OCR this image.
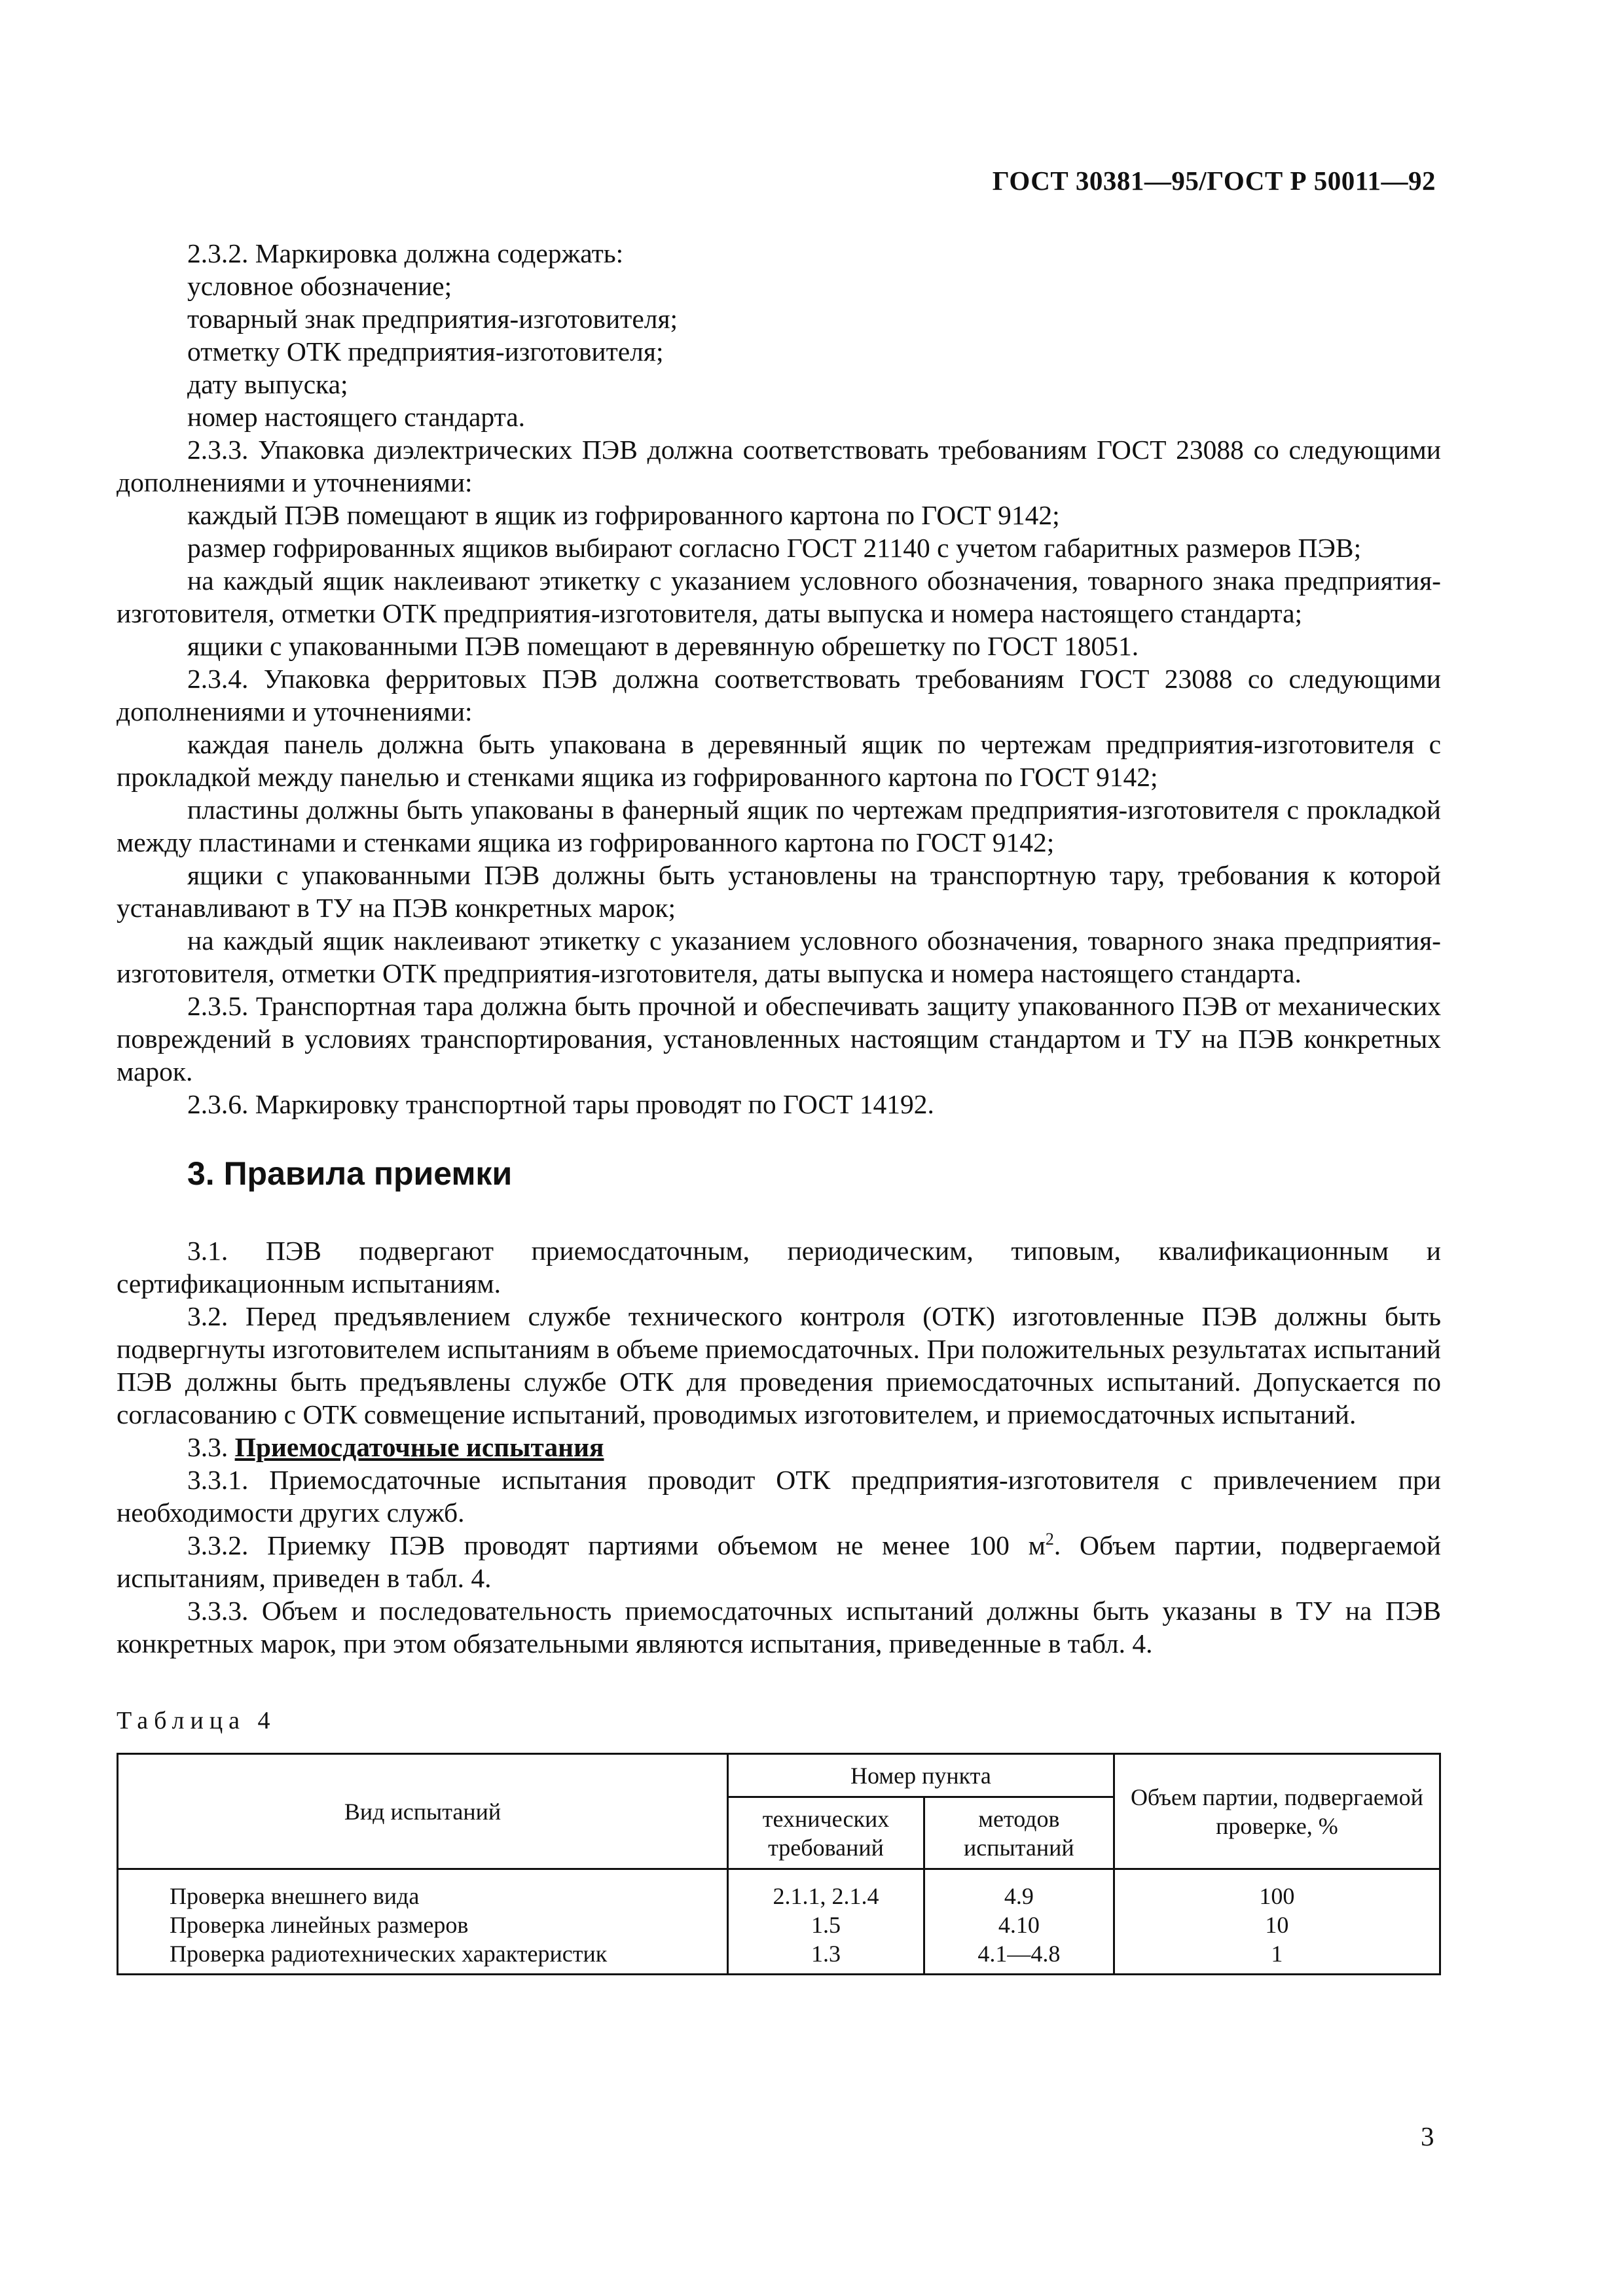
ГОСТ 30381—95/ГОСТ Р 50011—92

2.3.2. Маркировка должна содержать:

условное обозначение;

товарный знак предприятия-изготовителя;

отметку ОТК предприятия-изготовителя;

дату выпуска;

номер настоящего стандарта.

2.3.3. Упаковка диэлектрических ПЭВ должна соответствовать требованиям ГОСТ 23088 со следующими дополнениями и уточнениями:

каждый ПЭВ помещают в ящик из гофрированного картона по ГОСТ 9142;

размер гофрированных ящиков выбирают согласно ГОСТ 21140 с учетом габаритных размеров ПЭВ;

на каждый ящик наклеивают этикетку с указанием условного обозначения, товарного знака предприятия-изготовителя, отметки ОТК предприятия-изготовителя, даты выпуска и номера настоящего стандарта;

ящики с упакованными ПЭВ помещают в деревянную обрешетку по ГОСТ 18051.

2.3.4. Упаковка ферритовых ПЭВ должна соответствовать требованиям ГОСТ 23088 со следующими дополнениями и уточнениями:

каждая панель должна быть упакована в деревянный ящик по чертежам предприятия-изготовителя с прокладкой между панелью и стенками ящика из гофрированного картона по ГОСТ 9142;

пластины должны быть упакованы в фанерный ящик по чертежам предприятия-изготовителя с прокладкой между пластинами и стенками ящика из гофрированного картона по ГОСТ 9142;

ящики с упакованными ПЭВ должны быть установлены на транспортную тару, требования к которой устанавливают в ТУ на ПЭВ конкретных марок;

на каждый ящик наклеивают этикетку с указанием условного обозначения, товарного знака предприятия-изготовителя, отметки ОТК предприятия-изготовителя, даты выпуска и номера настоящего стандарта.

2.3.5. Транспортная тара должна быть прочной и обеспечивать защиту упакованного ПЭВ от механических повреждений в условиях транспортирования, установленных настоящим стандартом и ТУ на ПЭВ конкретных марок.

2.3.6. Маркировку транспортной тары проводят по ГОСТ 14192.

3. Правила приемки

3.1. ПЭВ подвергают приемосдаточным, периодическим, типовым, квалификационным и сертификационным испытаниям.

3.2. Перед предъявлением службе технического контроля (ОТК) изготовленные ПЭВ должны быть подвергнуты изготовителем испытаниям в объеме приемосдаточных. При положительных результатах испытаний ПЭВ должны быть предъявлены службе ОТК для проведения приемосдаточных испытаний. Допускается по согласованию с ОТК совмещение испытаний, проводимых изготовителем, и приемосдаточных испытаний.

3.3. Приемосдаточные испытания

3.3.1. Приемосдаточные испытания проводит ОТК предприятия-изготовителя с привлечением при необходимости других служб.

3.3.2. Приемку ПЭВ проводят партиями объемом не менее 100 $м^2$. Объем партии, подвергаемой испытаниям, приведен в табл. 4.

3.3.3. Объем и последовательность приемосдаточных испытаний должны быть указаны в ТУ на ПЭВ конкретных марок, при этом обязательными являются испытания, приведенные в табл. 4.

Таблица 4
Вид испытаний	Номер пункта		Объем партии, подвергаемой проверке, %
	технических требований	методов испытаний	
Проверка внешнего вида	2.1.1, 2.1.4	4.9	100
Проверка линейных размеров	1.5	4.10	10
Проверка радиотехнических характеристик	1.3	4.1—4.8	1
3
